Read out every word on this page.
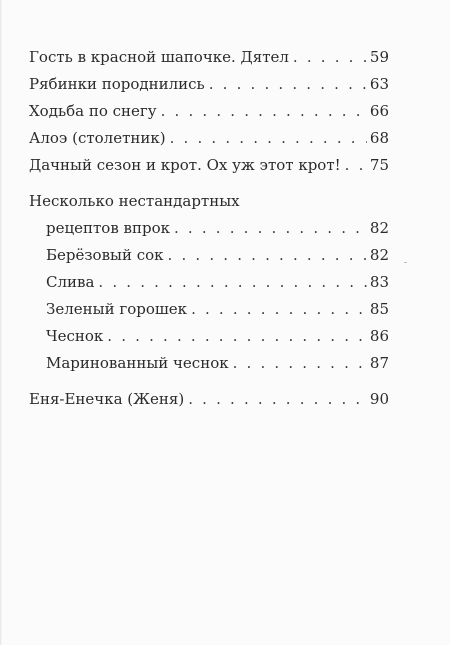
Гость в красной шапочке. Дятел . . .	59
Рябинки породнились . . .	63
Ходьба по снегу . . .	66
Алоэ (столетник) . . .	68
Дачный сезон и крот. Ох уж этот крот! . . . 75
Несколько нестандартных
рецептов впрок . . .	82
Берёзовый сок . . .	82
Слива . . .	83
Зеленый горошек . . .	85
Чеснок . . .	86
Маринованный чеснок . . .	87
Еня-Енечка (Женя) . . .	90
